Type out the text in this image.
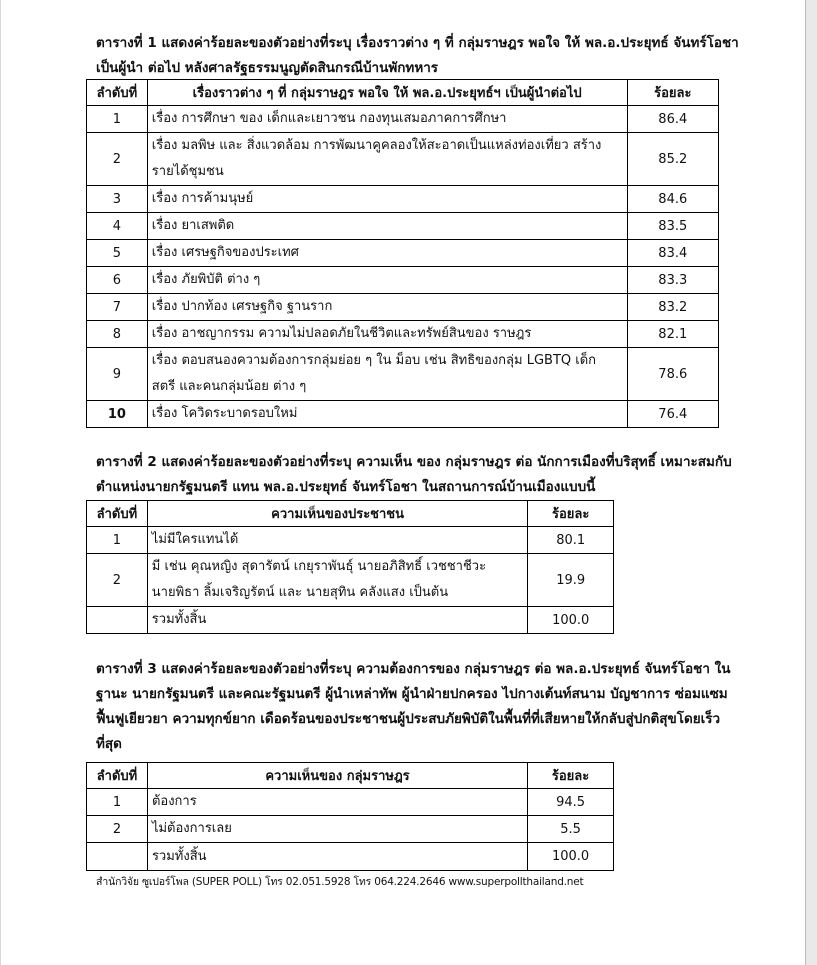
ตารางที่ 1 แสดงค่าร้อยละของตัวอย่างที่ระบุ เรื่องราวต่าง ๆ ที่ กลุ่มราษฎร พอใจ ให้ พล.อ.ประยุทธ์ จันทร์โอชา
เป็นผู้นำ ต่อไป หลังศาลรัฐธรรมนูญตัดสินกรณีบ้านพักทหาร
ลำดับที่	เรื่องราวต่าง ๆ ที่ กลุ่มราษฎร พอใจ ให้ พล.อ.ประยุทธ์ฯ เป็นผู้นำต่อไป	ร้อยละ
1	เรื่อง การศึกษา ของ เด็กและเยาวชน กองทุนเสมอภาคการศึกษา	86.4
2	เรื่อง มลพิษ และ สิ่งแวดล้อม การพัฒนาคูคลองให้สะอาดเป็นแหล่งท่องเที่ยว สร้าง
รายได้ชุมชน	85.2
3	เรื่อง การค้ามนุษย์	84.6
4	เรื่อง ยาเสพติด	83.5
5	เรื่อง เศรษฐกิจของประเทศ	83.4
6	เรื่อง ภัยพิบัติ ต่าง ๆ	83.3
7	เรื่อง ปากท้อง เศรษฐกิจ ฐานราก	83.2
8	เรื่อง อาชญากรรม ความไม่ปลอดภัยในชีวิตและทรัพย์สินของ ราษฎร	82.1
9	เรื่อง ตอบสนองความต้องการกลุ่มย่อย ๆ ใน ม็อบ เช่น สิทธิของกลุ่ม LGBTQ เด็ก
สตรี และคนกลุ่มน้อย ต่าง ๆ	78.6
10	เรื่อง โควิดระบาดรอบใหม่	76.4
ตารางที่ 2 แสดงค่าร้อยละของตัวอย่างที่ระบุ ความเห็น ของ กลุ่มราษฎร ต่อ นักการเมืองที่บริสุทธิ์ เหมาะสมกับ
ตำแหน่งนายกรัฐมนตรี แทน พล.อ.ประยุทธ์ จันทร์โอชา ในสถานการณ์บ้านเมืองแบบนี้
ลำดับที่	ความเห็นของประชาชน	ร้อยละ
1	ไม่มีใครแทนได้	80.1
2	มี เช่น คุณหญิง สุดารัตน์ เกยุราพันธุ์ นายอภิสิทธิ์ เวชชาชีวะ
นายพิธา ลิ้มเจริญรัตน์ และ นายสุทิน คลังแสง เป็นต้น	19.9

	รวมทั้งสิ้น	100.0
ตารางที่ 3 แสดงค่าร้อยละของตัวอย่างที่ระบุ ความต้องการของ กลุ่มราษฎร ต่อ พล.อ.ประยุทธ์ จันทร์โอชา ใน
ฐานะ นายกรัฐมนตรี และคณะรัฐมนตรี ผู้นำเหล่าทัพ ผู้นำฝ่ายปกครอง ไปกางเต้นท์สนาม บัญชาการ ซ่อมแซม
ฟื้นฟูเยียวยา ความทุกข์ยาก เดือดร้อนของประชาชนผู้ประสบภัยพิบัติในพื้นที่ที่เสียหายให้กลับสู่ปกติสุขโดยเร็ว
ที่สุด
ลำดับที่	ความเห็นของ กลุ่มราษฎร	ร้อยละ
1	ต้องการ	94.5
2	ไม่ต้องการเลย	5.5

	รวมทั้งสิ้น	100.0
สำนักวิจัย ซูเปอร์โพล (SUPER POLL) โทร 02.051.5928 โทร 064.224.2646 www.superpollthailand.net
